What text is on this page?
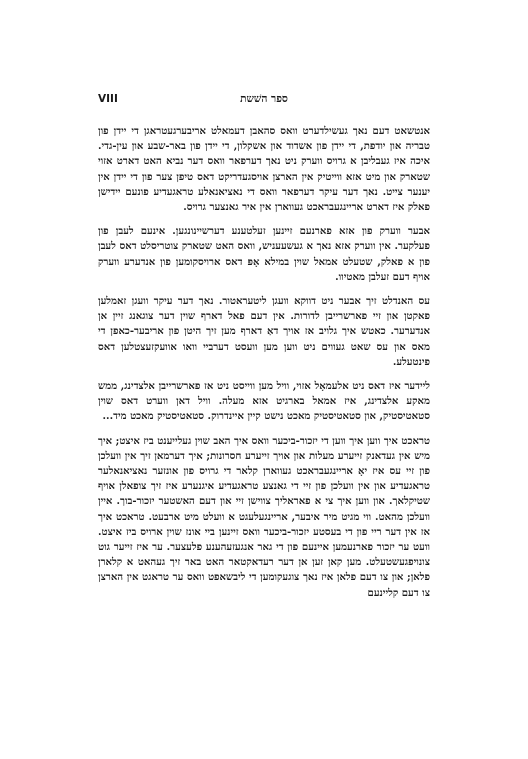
VIII	ספר השׁשת

אנטשאט דעם נאך געשילדערט וואס סהאבן דעמאלט אריבערגעטראגן די יידן פון טבריה און יודפת, די יידן פון אשדוד און אשקלון, די יידן פון באר-שבע און עין-גדי. איכה איז געבליבן א גרויס ווערק ניט נאך דערפאר וואס דער נביא האט דארט אזוי שטארק און מיט אזא ווייטיק אין הארצן אויסגעדריקט דאס טיפן צער פון די יידן אין יענער צייט. נאך דער עיקר דערפאר וואס די נאציאנאלע טראגעדיע פונעם יידישן פאלק איז דארט אריינגעבראכט געווארן אין איר גאנצער גרויס.

אבער ווערק פון אזא פארנעם זיינען זעלטענע דערשיינונגען. אינעם לעבן פון פעלקער. אין ווערק אזא נאך א געשעעניש, וואס האט שטארק צוטריסלט דאס לעבן פון א פאלק, שטעלט אמאל שוין במילא אָפּ דאס ארויסקומען פון אנדערע ווערק אויף דעם זעלבן מאטיוו.

עס האנדלט זיך אבער ניט דווקא וועגן ליטעראטור. נאך דער עיקר וועגן זאמלען פאקטן און זיי פארשרייבן לדורות. אין דעם פאל דארף שוין דער צוגאנג זיין אן אנדערער. כאטש איך גלויב אז אויך דאַ דארף מען זיך היטן פון אריבער-כאפן די מאס און עס שאט געווים ניט ווען מען וועסט דערבײ וואו אוועקזעצטלען דאס פינטעלע.

ליידער איז דאס ניט אלעמאָל אזוי, וויל מען ווייסט ניט אז פארשרייבן אלצדינג, ממש מאקע אלצדינג, איז אמאל בארגיט אזא מעלה. וויל דאן ווערט דאס שוין סטאטיסטיק, און סטאטיסטיק מאכט נישט קיין איינדרוק. סטאטיסטיק מאכט מיד...

טראכט איך ווען איך ווען די יזכור-ביכער וואס איך האב שוין געלייענט ביז איצט; איך מיש אין געדאנק זייערע מעלות און אויך זייערע חסרונות; איך דערמאן זיך אין וועלכן פון זיי עס איז יאָ אריינגעבראכט געווארן קלאר די גרויס פון אונזער נאציאנאלער טראגעדיע און אין וועלכן פון זיי די גאנצע טראגעדיע איגנערע איז זיך צופאלן אויף שטיקלאך. און ווען איך צי א פאראליך צווישן זיי און דעם האשטער יזכור-בוך. איין וועלכן מהאט. ווי מגיט מיר איבער, אריינגעלעגט א וועלט מיט ארבעט. טראכט איך אז אין דער ריי פון די בעסטע יזכור-ביכער וואס זיינען ביי אונז שוין ארויס ביז איצט. וועט ער יזכור פארנעמען איינעם פון די גאר אנגעזעהענע פלעצער. ער איז זייער גוט צונויפגעשטעלט. מען קאן זען אן דער רעדאקטאר האט באר זיך געהאט א קלארן פלאן; און צו דעם פלאן איז נאך צוגעקומען די ליבשאפט וואס ער טראגט אין הארצן צו דעם קליינעם
